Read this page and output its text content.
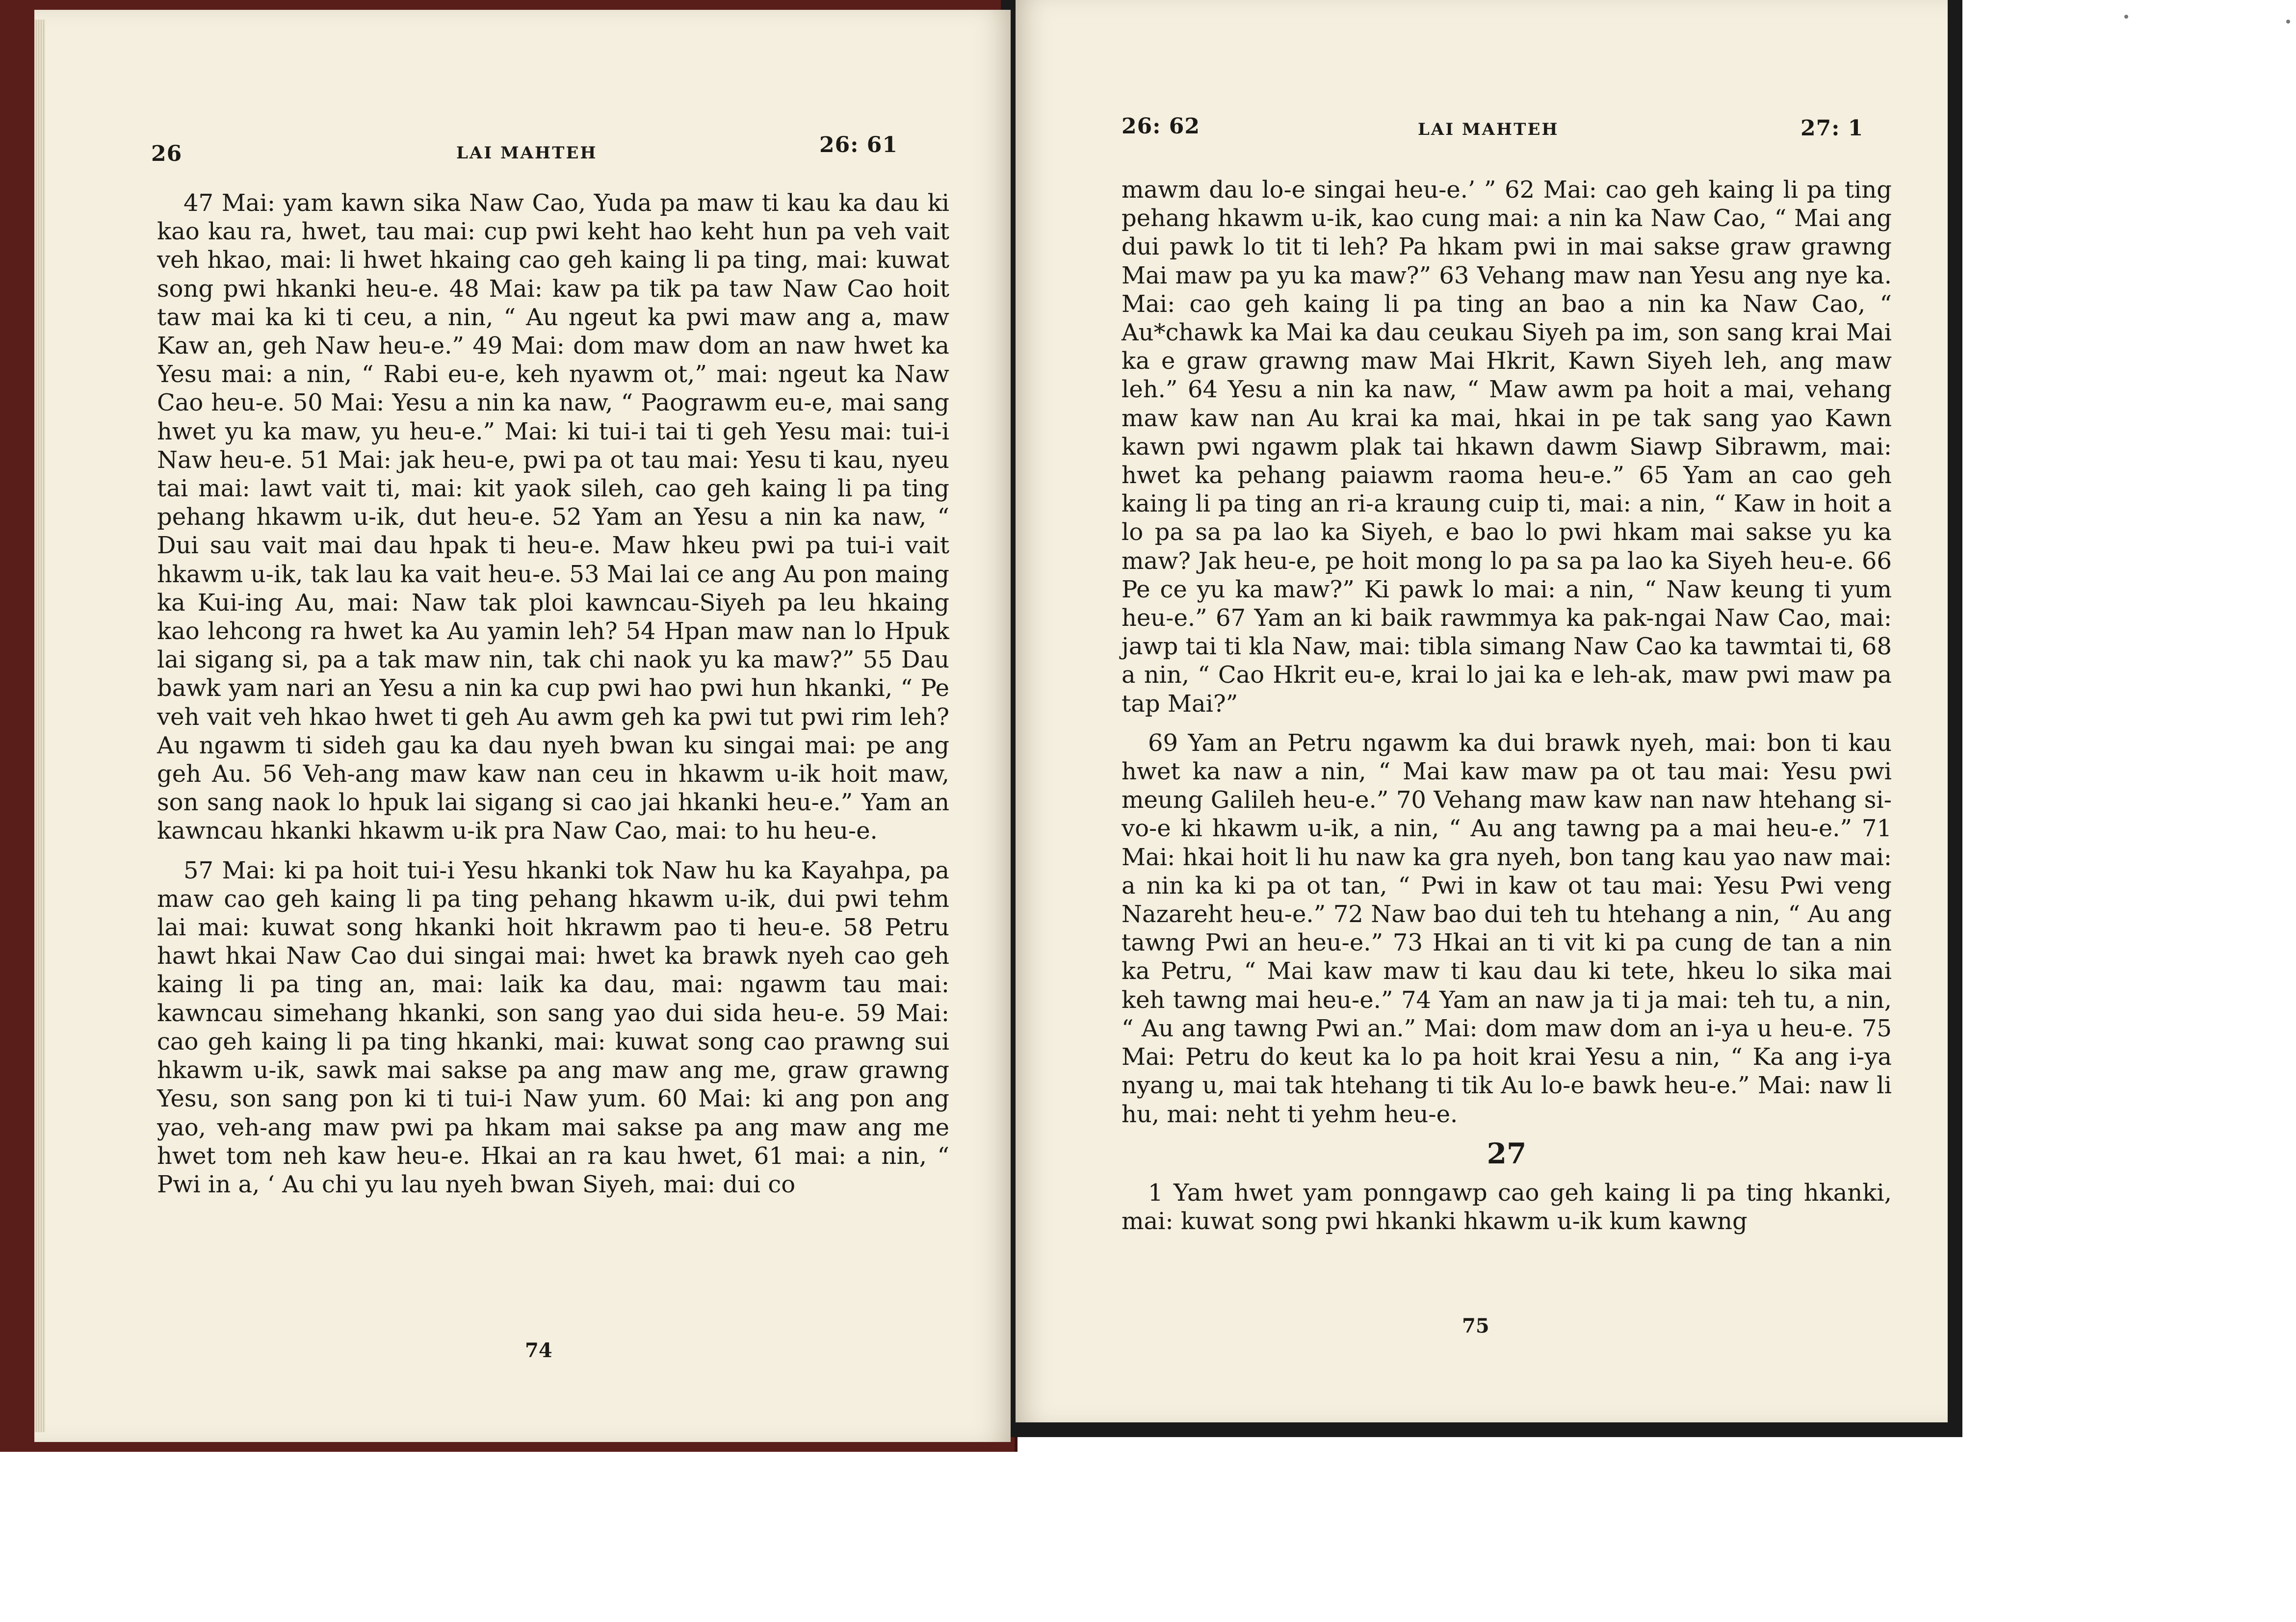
26	LAI MAHTEH	26: 61

47 Mai: yam kawn sika Naw Cao, Yuda pa maw ti kau ka dau ki kao kau ra, hwet, tau mai: cup pwi keht hao keht hun pa veh vait veh hkao, mai: li hwet hkaing cao geh kaing li pa ting, mai: kuwat song pwi hkanki heu-e. 48 Mai: kaw pa tik pa taw Naw Cao hoit taw mai ka ki ti ceu, a nin, “ Au ngeut ka pwi maw ang a, maw Kaw an, geh Naw heu-e.” 49 Mai: dom maw dom an naw hwet ka Yesu mai: a nin, “ Rabi eu-e, keh nyawm ot,” mai: ngeut ka Naw Cao heu-e. 50 Mai: Yesu a nin ka naw, “ Paograwm eu-e, mai sang hwet yu ka maw, yu heu-e.” Mai: ki tui-i tai ti geh Yesu mai: tui-i Naw heu-e. 51 Mai: jak heu-e, pwi pa ot tau mai: Yesu ti kau, nyeu tai mai: lawt vait ti, mai: kit yaok sileh, cao geh kaing li pa ting pehang hkawm u-ik, dut heu-e. 52 Yam an Yesu a nin ka naw, “ Dui sau vait mai dau hpak ti heu-e. Maw hkeu pwi pa tui-i vait hkawm u-ik, tak lau ka vait heu-e. 53 Mai lai ce ang Au pon maing ka Kui-ing Au, mai: Naw tak ploi kawncau-Siyeh pa leu hkaing kao lehcong ra hwet ka Au yamin leh? 54 Hpan maw nan lo Hpuk lai sigang si, pa a tak maw nin, tak chi naok yu ka maw?” 55 Dau bawk yam nari an Yesu a nin ka cup pwi hao pwi hun hkanki, “ Pe veh vait veh hkao hwet ti geh Au awm geh ka pwi tut pwi rim leh? Au ngawm ti sideh gau ka dau nyeh bwan ku singai mai: pe ang geh Au. 56 Veh-ang maw kaw nan ceu in hkawm u-ik hoit maw, son sang naok lo hpuk lai sigang si cao jai hkanki heu-e.” Yam an kawncau hkanki hkawm u-ik pra Naw Cao, mai: to hu heu-e.

57 Mai: ki pa hoit tui-i Yesu hkanki tok Naw hu ka Kayahpa, pa maw cao geh kaing li pa ting pehang hkawm u-ik, dui pwi tehm lai mai: kuwat song hkanki hoit hkrawm pao ti heu-e. 58 Petru hawt hkai Naw Cao dui singai mai: hwet ka brawk nyeh cao geh kaing li pa ting an, mai: laik ka dau, mai: ngawm tau mai: kawncau simehang hkanki, son sang yao dui sida heu-e. 59 Mai: cao geh kaing li pa ting hkanki, mai: kuwat song cao prawng sui hkawm u-ik, sawk mai sakse pa ang maw ang me, graw grawng Yesu, son sang pon ki ti tui-i Naw yum. 60 Mai: ki ang pon ang yao, veh-ang maw pwi pa hkam mai sakse pa ang maw ang me hwet tom neh kaw heu-e. Hkai an ra kau hwet, 61 mai: a nin, “ Pwi in a, ‘ Au chi yu lau nyeh bwan Siyeh, mai: dui co

74
26: 62	LAI MAHTEH	27: 1

mawm dau lo-e singai heu-e.’ ” 62 Mai: cao geh kaing li pa ting pehang hkawm u-ik, kao cung mai: a nin ka Naw Cao, “ Mai ang dui pawk lo tit ti leh? Pa hkam pwi in mai sakse graw grawng Mai maw pa yu ka maw?” 63 Vehang maw nan Yesu ang nye ka. Mai: cao geh kaing li pa ting an bao a nin ka Naw Cao, “ Au*chawk ka Mai ka dau ceukau Siyeh pa im, son sang krai Mai ka e graw grawng maw Mai Hkrit, Kawn Siyeh leh, ang maw leh.” 64 Yesu a nin ka naw, “ Maw awm pa hoit a mai, vehang maw kaw nan Au krai ka mai, hkai in pe tak sang yao Kawn kawn pwi ngawm plak tai hkawn dawm Siawp Sibrawm, mai: hwet ka pehang paiawm raoma heu-e.” 65 Yam an cao geh kaing li pa ting an ri-a kraung cuip ti, mai: a nin, “ Kaw in hoit a lo pa sa pa lao ka Siyeh, e bao lo pwi hkam mai sakse yu ka maw? Jak heu-e, pe hoit mong lo pa sa pa lao ka Siyeh heu-e. 66 Pe ce yu ka maw?” Ki pawk lo mai: a nin, “ Naw keung ti yum heu-e.” 67 Yam an ki baik rawmmya ka pak-ngai Naw Cao, mai: jawp tai ti kla Naw, mai: tibla simang Naw Cao ka tawmtai ti, 68 a nin, “ Cao Hkrit eu-e, krai lo jai ka e leh-ak, maw pwi maw pa tap Mai?”

69 Yam an Petru ngawm ka dui brawk nyeh, mai: bon ti kau hwet ka naw a nin, “ Mai kaw maw pa ot tau mai: Yesu pwi meung Galileh heu-e.” 70 Vehang maw kaw nan naw htehang si-vo-e ki hkawm u-ik, a nin, “ Au ang tawng pa a mai heu-e.” 71 Mai: hkai hoit li hu naw ka gra nyeh, bon tang kau yao naw mai: a nin ka ki pa ot tan, “ Pwi in kaw ot tau mai: Yesu Pwi veng Nazareht heu-e.” 72 Naw bao dui teh tu htehang a nin, “ Au ang tawng Pwi an heu-e.” 73 Hkai an ti vit ki pa cung de tan a nin ka Petru, “ Mai kaw maw ti kau dau ki tete, hkeu lo sika mai keh tawng mai heu-e.” 74 Yam an naw ja ti ja mai: teh tu, a nin, “ Au ang tawng Pwi an.” Mai: dom maw dom an i-ya u heu-e. 75 Mai: Petru do keut ka lo pa hoit krai Yesu a nin, “ Ka ang i-ya nyang u, mai tak htehang ti tik Au lo-e bawk heu-e.” Mai: naw li hu, mai: neht ti yehm heu-e.

27

1 Yam hwet yam ponngawp cao geh kaing li pa ting hkanki, mai: kuwat song pwi hkanki hkawm u-ik kum kawng

75
